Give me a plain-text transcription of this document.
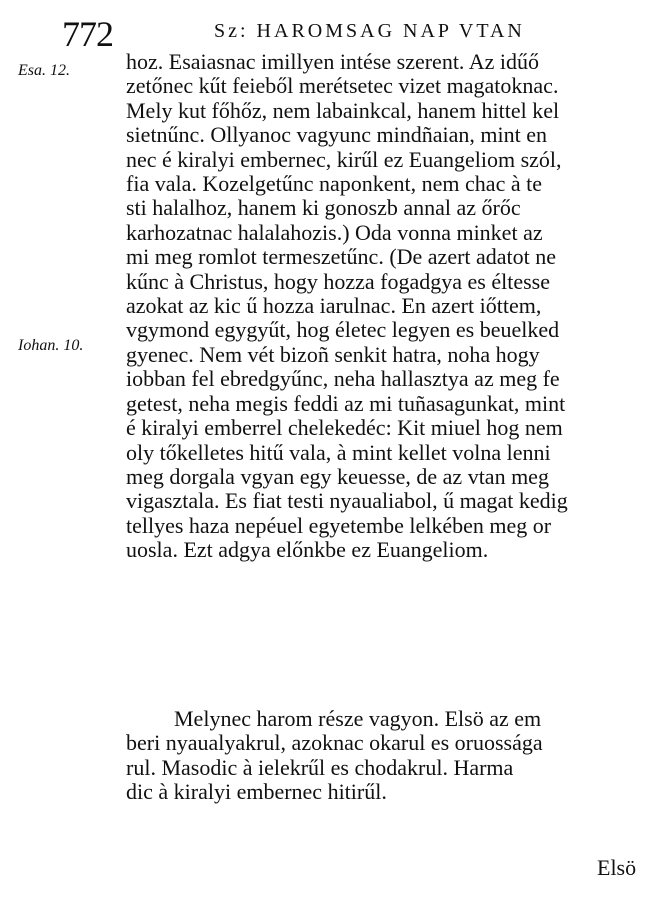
772	Sz: HAROMSAG NAP VTAN
Esa. 12.
Iohan. 10.
hoz. Esaiasnac imillyen intése szerent. Az idűő
zetőnec kűt feieből merétsetec vizet magatoknac.
Mely kut főhőz, nem labainkcal, hanem hittel kel
sietnűnc. Ollyanoc vagyunc mindñaian, mint en
nec é kiralyi embernec, kirűl ez Euangeliom szól,
fia vala. Kozelgetűnc naponkent, nem chac à te
sti halalhoz, hanem ki gonoszb annal az őrőc
karhozatnac halalahozis.) Oda vonna minket az
mi meg romlot termeszetűnc. (De azert adatot ne
kűnc à Christus, hogy hozza fogadgya es éltesse
azokat az kic ű hozza iarulnac. En azert iőttem,
vgymond egygyűt, hog életec legyen es beuelked
gyenec. Nem vét bizoñ senkit hatra, noha hogy
iobban fel ebredgyűnc, neha hallasztya az meg fe
getest, neha megis feddi az mi tuñasagunkat, mint
é kiralyi emberrel chelekedéc: Kit miuel hog nem
oly tőkelletes hitű vala, à mint kellet volna lenni
meg dorgala vgyan egy keuesse, de az vtan meg
vigasztala. Es fiat testi nyaualiabol, ű magat kedig
tellyes haza nepéuel egyetembe lelkében meg or
uosla. Ezt adgya előnkbe ez Euangeliom.
Melynec harom része vagyon. Elsö az em
beri nyaualyakrul, azoknac okarul es oruossága
rul. Masodic à ielekrűl es chodakrul. Harma
dic à kiralyi embernec hitirűl.
Elsö
